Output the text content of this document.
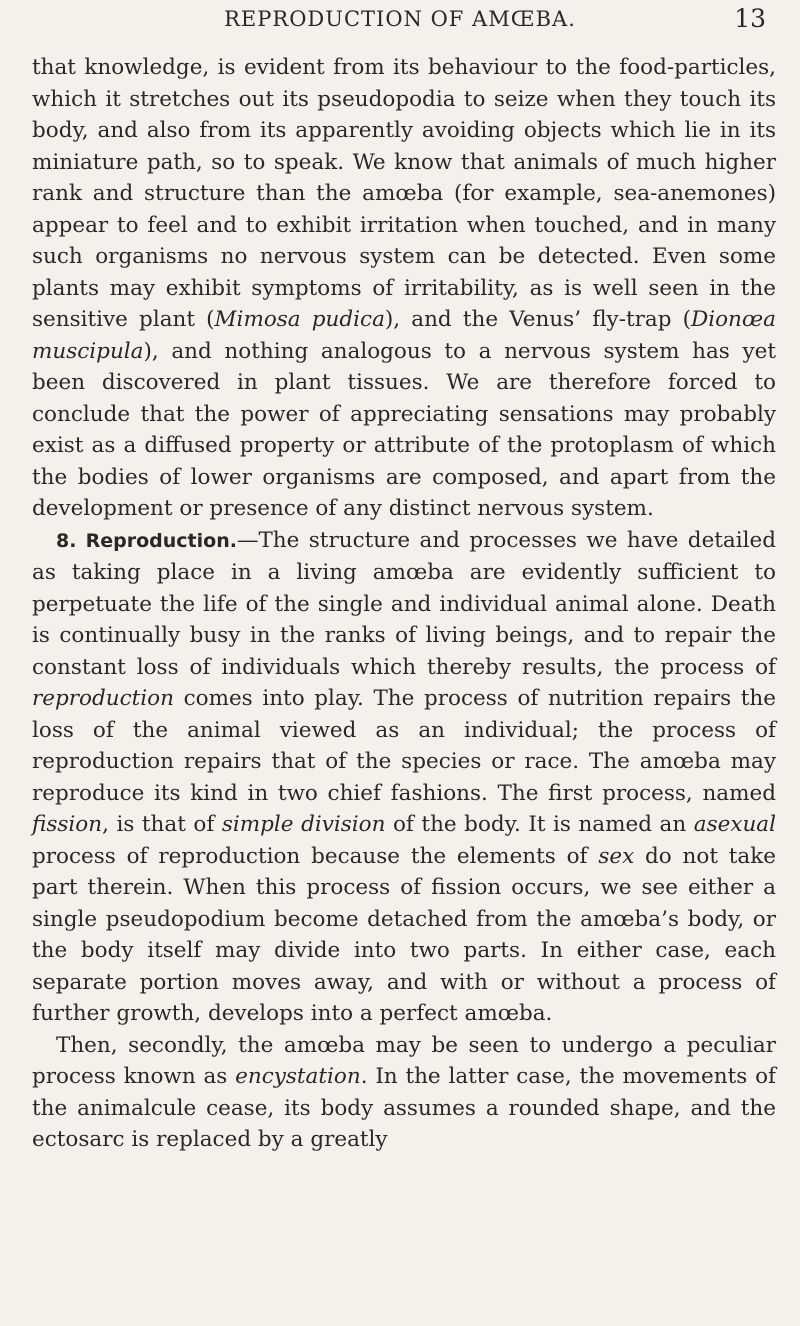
REPRODUCTION OF AMŒBA.	13

that knowledge, is evident from its behaviour to the food-particles, which it stretches out its pseudopodia to seize when they touch its body, and also from its apparently avoiding objects which lie in its miniature path, so to speak. We know that animals of much higher rank and structure than the amœba (for example, sea-anemones) appear to feel and to exhibit irritation when touched, and in many such organisms no nervous system can be detected. Even some plants may exhibit symptoms of irritability, as is well seen in the sensitive plant (Mimosa pudica), and the Venus’ fly-trap (Dionœa muscipula), and nothing analogous to a nervous system has yet been discovered in plant tissues. We are therefore forced to conclude that the power of appreciating sensations may probably exist as a diffused property or attribute of the protoplasm of which the bodies of lower organisms are composed, and apart from the development or presence of any distinct nervous system.

8. Reproduction.—The structure and processes we have detailed as taking place in a living amœba are evidently sufficient to perpetuate the life of the single and individual animal alone. Death is continually busy in the ranks of living beings, and to repair the constant loss of individuals which thereby results, the process of reproduction comes into play. The process of nutrition repairs the loss of the animal viewed as an individual; the process of reproduction repairs that of the species or race. The amœba may reproduce its kind in two chief fashions. The first process, named fission, is that of simple division of the body. It is named an asexual process of reproduction because the elements of sex do not take part therein. When this process of fission occurs, we see either a single pseudopodium become detached from the amœba’s body, or the body itself may divide into two parts. In either case, each separate portion moves away, and with or without a process of further growth, develops into a perfect amœba.

Then, secondly, the amœba may be seen to undergo a peculiar process known as encystation. In the latter case, the movements of the animalcule cease, its body assumes a rounded shape, and the ectosarc is replaced by a greatly
